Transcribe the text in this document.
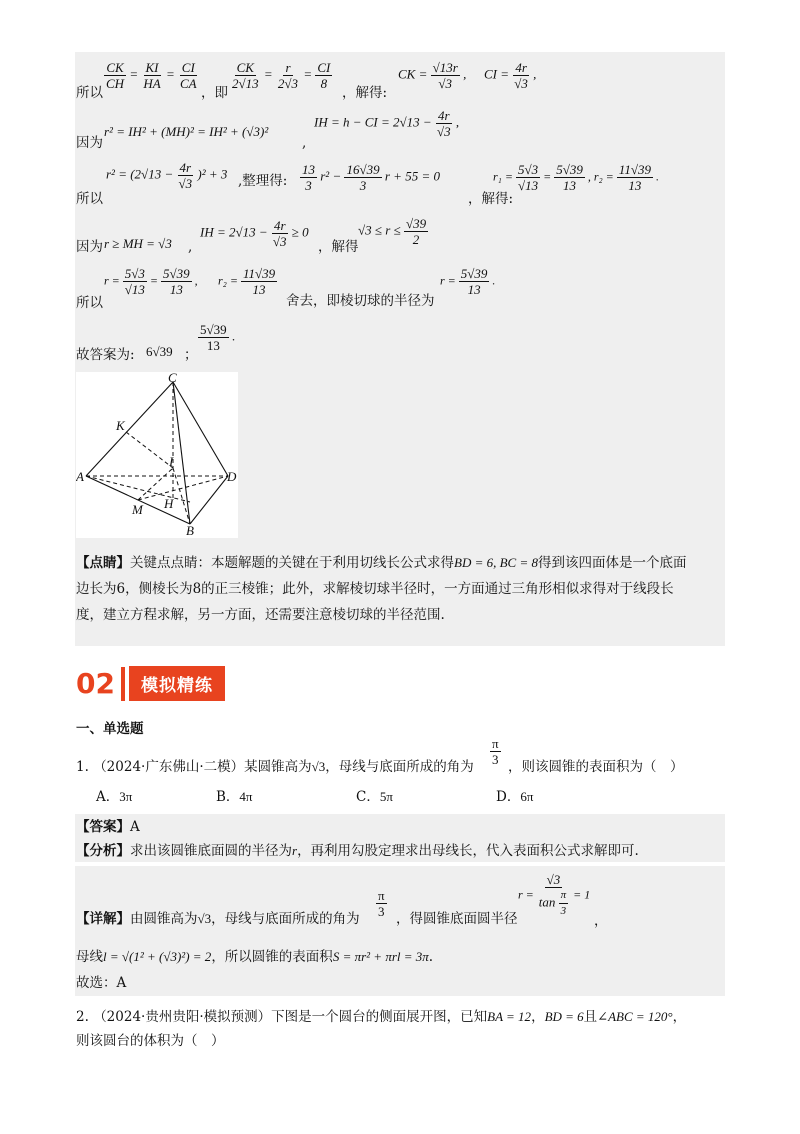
所以
$\frac{CK}{CH} = \frac{KI}{HA} = \frac{CI}{CA}$
，即
$\frac{CK}{2√13} = \frac{r}{2√3} = \frac{CI}{8}$
，解得:
CK = $\frac{√13r}{√3}$ , CI = $\frac{4r}{√3}$ ,
因为
r² = IH² + (MH)² = IH² + (√3)²
,
IH = h − CI = $2√13 - \frac{4r}{√3}$ ,
所以
$r^2 = (2√13 - \frac{4r}{√3} )^2 + 3$ ,整理得: $\frac{13}{3} r^2 - \frac{16√39}{3}$ r + 55 = 0
，解得:
$r_1 = \frac{5√3}{√13} = \frac{5√39}{13}$ , $r_2 = \frac{11√39}{13}$ .
因为 r ≥ MH = √3 ,
IH = $2√13 - \frac{4r}{√3} \ge 0$
，解得
$√3 \le r \le \frac{√39}{2}$
所以
$r = \frac{5√3}{√13} = \frac{5√39}{13}$ , $r_2 = \frac{11√39}{13}$
舍去，即棱切球的半径为
$r = \frac{5√39}{13}$ .
故答案为: 6√39 ；
$\frac{5√39}{13}$ .
C
K
I
A	D
H
M
B
【点睛】关键点点睛：本题解题的关键在于利用切线长公式求得BD = 6, BC = 8得到该四面体是一个底面
边长为6，侧棱长为8的正三棱锥；此外，求解棱切球半径时，一方面通过三角形相似求得对于线段长
度，建立方程求解，另一方面，还需要注意棱切球的半径范围.
02	模拟精练
一、单选题
1. （2024·广东佛山·二模）某圆锥高为√3，母线与底面所成的角为 $\frac{\pi}{3}$ ，则该圆锥的表面积为（　）
A．3π	B．4π	C．5π	D．6π
【答案】A
【分析】求出该圆锥底面圆的半径为r，再利用勾股定理求出母线长，代入表面积公式求解即可.
【详解】由圆锥高为√3，母线与底面所成的角为 $\frac{\pi}{3}$ ，得圆锥底面圆半径
$r = \frac{√3}{\tan \frac{\pi}{3}} = 1$
，
母线l = √(1² + (√3)²) = 2，所以圆锥的表面积S = πr² + πrl = 3π.
故选：A
2. （2024·贵州贵阳·模拟预测）下图是一个圆台的侧面展开图，已知BA = 12，BD = 6且∠ABC = 120°，
则该圆台的体积为（　）
